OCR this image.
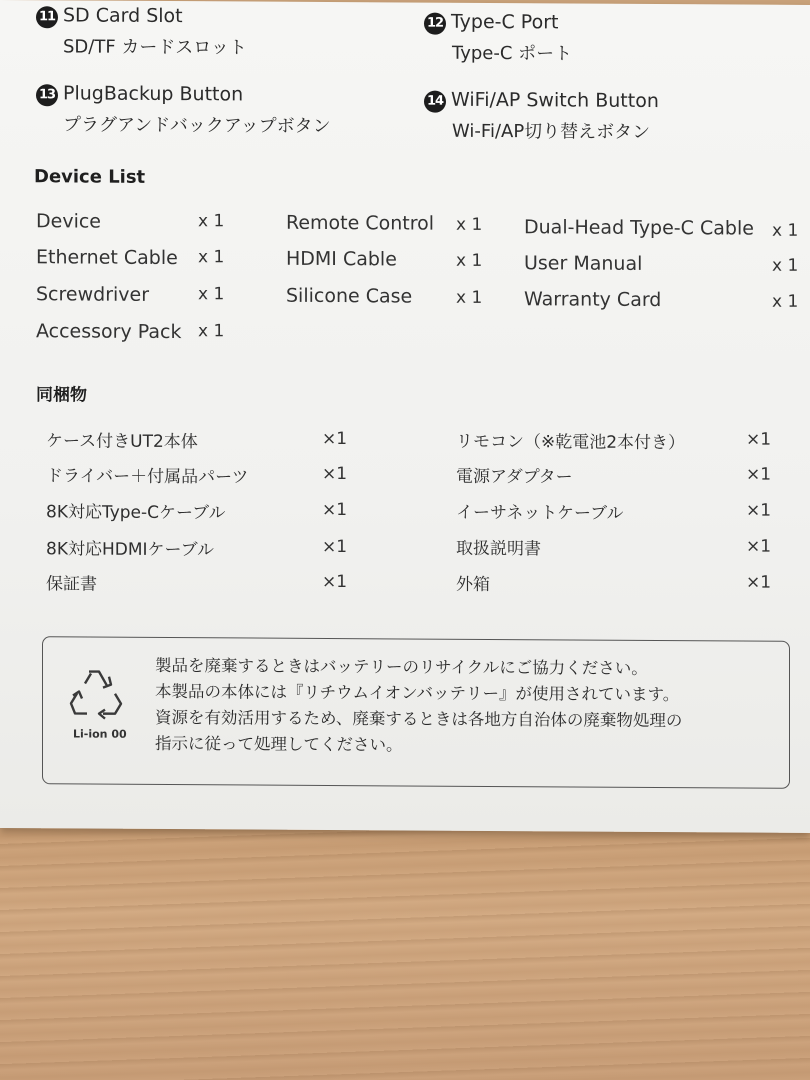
11 SD Card Slot
SD/TF カードスロット
12 Type-C Port
Type-C ポート
13 PlugBackup Button
プラグアンドバックアップボタン
14 WiFi/AP Switch Button
Wi-Fi/AP切り替えボタン
Device List
Device	x 1	Remote Control x 1 Dual-Head Type-C Cable x 1
Ethernet Cable x 1	HDMI Cable	x 1 User Manual	x 1
Screwdriver	x 1	Silicone Case	x 1 Warranty Card	x 1
Accessory Pack x 1
同梱物
ケース付きUT2本体	×1	リモコン（※乾電池2本付き）	×1
ドライバー＋付属品パーツ	×1	電源アダプター	×1
8K対応Type-Cケーブル	×1	イーサネットケーブル	×1
8K対応HDMIケーブル	×1	取扱説明書	×1
保証書	×1	外箱	×1
Li-ion 00
製品を廃棄するときはバッテリーのリサイクルにご協力ください。
本製品の本体には『リチウムイオンバッテリー』が使用されています。
資源を有効活用するため、廃棄するときは各地方自治体の廃棄物処理の
指示に従って処理してください。
